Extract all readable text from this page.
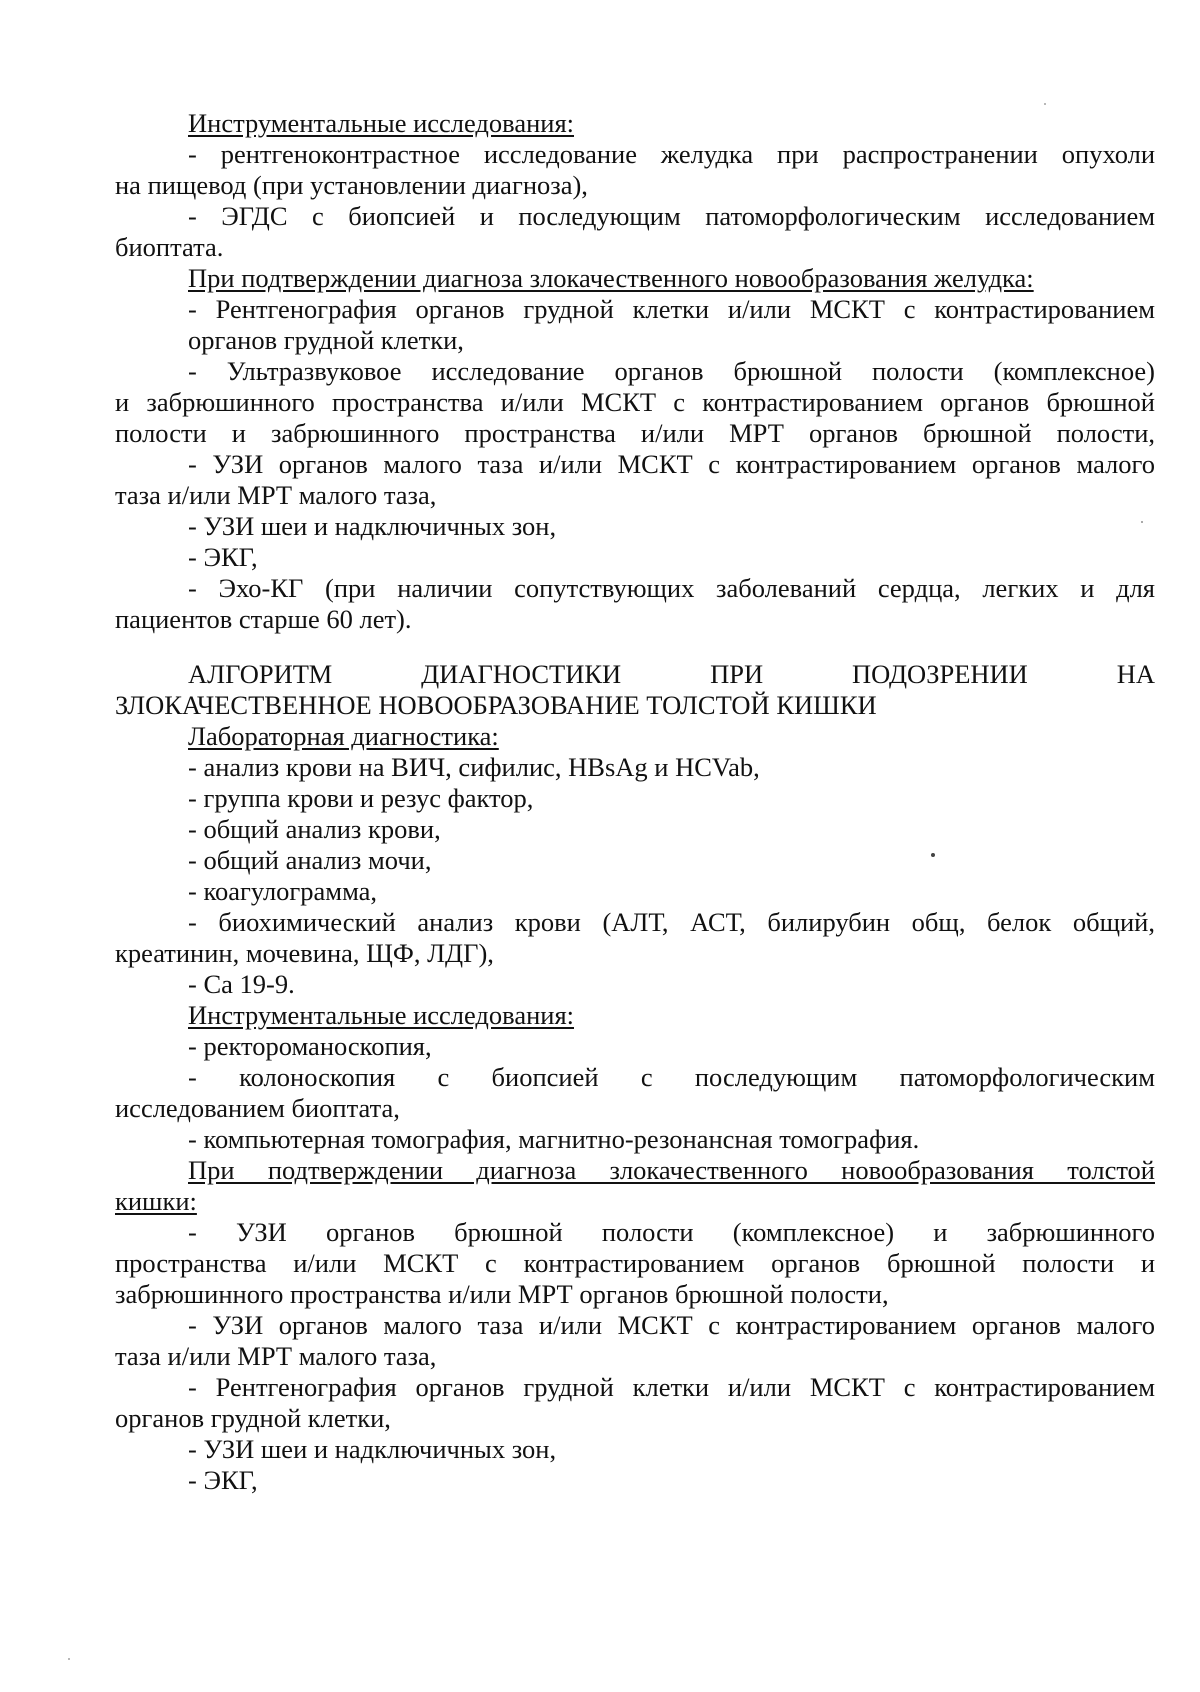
Инструментальные исследования:

- рентгеноконтрастное исследование желудка при распространении опухоли

на пищевод (при установлении диагноза),

- ЭГДС с биопсией и последующим патоморфологическим исследованием

биоптата.

При подтверждении диагноза злокачественного новообразования желудка:

- Рентгенография органов грудной клетки и/или МСКТ с контрастированием

органов грудной клетки,

- Ультразвуковое исследование органов брюшной полости (комплексное)

и забрюшинного пространства и/или МСКТ с контрастированием органов брюшной

полости и забрюшинного пространства и/или МРТ органов брюшной полости,

- УЗИ органов малого таза и/или МСКТ с контрастированием органов малого

таза и/или МРТ малого таза,

- УЗИ шеи и надключичных зон,

- ЭКГ,

- Эхо-КГ (при наличии сопутствующих заболеваний сердца, легких и для

пациентов старше 60 лет).

АЛГОРИТМ ДИАГНОСТИКИ ПРИ ПОДОЗРЕНИИ НА

ЗЛОКАЧЕСТВЕННОЕ НОВООБРАЗОВАНИЕ ТОЛСТОЙ КИШКИ

Лабораторная диагностика:

- анализ крови на ВИЧ, сифилис, HBsAg и HCVab,

- группа крови и резус фактор,

- общий анализ крови,

- общий анализ мочи,

- коагулограмма,

- биохимический анализ крови (АЛТ, АСТ, билирубин общ, белок общий,

креатинин, мочевина, ЩФ, ЛДГ),

- Ca 19-9.

Инструментальные исследования:

- ректороманоскопия,

- колоноскопия с биопсией с последующим патоморфологическим

исследованием биоптата,

- компьютерная томография, магнитно-резонансная томография.

При подтверждении диагноза злокачественного новообразования толстой

кишки:

- УЗИ органов брюшной полости (комплексное) и забрюшинного

пространства и/или МСКТ с контрастированием органов брюшной полости и

забрюшинного пространства и/или МРТ органов брюшной полости,

- УЗИ органов малого таза и/или МСКТ с контрастированием органов малого

таза и/или МРТ малого таза,

- Рентгенография органов грудной клетки и/или МСКТ с контрастированием

органов грудной клетки,

- УЗИ шеи и надключичных зон,

- ЭКГ,
